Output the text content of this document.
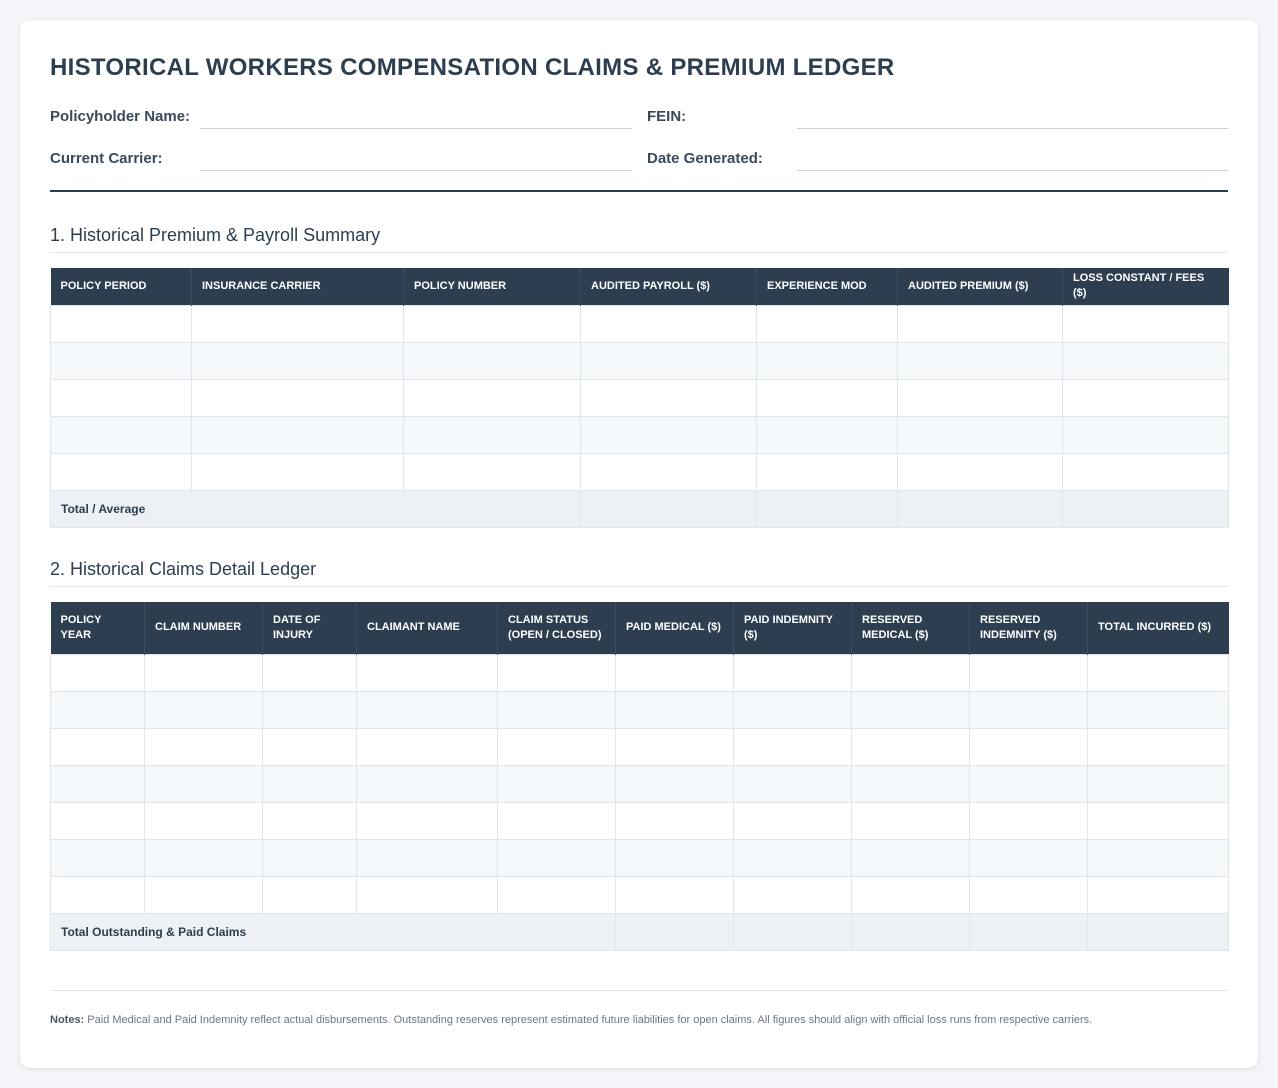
HISTORICAL WORKERS COMPENSATION CLAIMS & PREMIUM LEDGER
Policyholder Name:	FEIN:
Current Carrier:	Date Generated:
1. Historical Premium & Payroll Summary
POLICY PERIOD	INSURANCE CARRIER	POLICY NUMBER	AUDITED PAYROLL ($)	EXPERIENCE MOD	AUDITED PREMIUM ($)	LOSS CONSTANT / FEES ($)

Total / Average						
2. Historical Claims Detail Ledger
POLICY YEAR	CLAIM NUMBER	DATE OF INJURY	CLAIMANT NAME	CLAIM STATUS (OPEN / CLOSED)	PAID MEDICAL ($)	PAID INDEMNITY ($)	RESERVED MEDICAL ($)	RESERVED INDEMNITY ($)	TOTAL INCURRED ($)

Total Outstanding & Paid Claims									
Notes: Paid Medical and Paid Indemnity reflect actual disbursements. Outstanding reserves represent estimated future liabilities for open claims. All figures should align with official loss runs from respective carriers.
